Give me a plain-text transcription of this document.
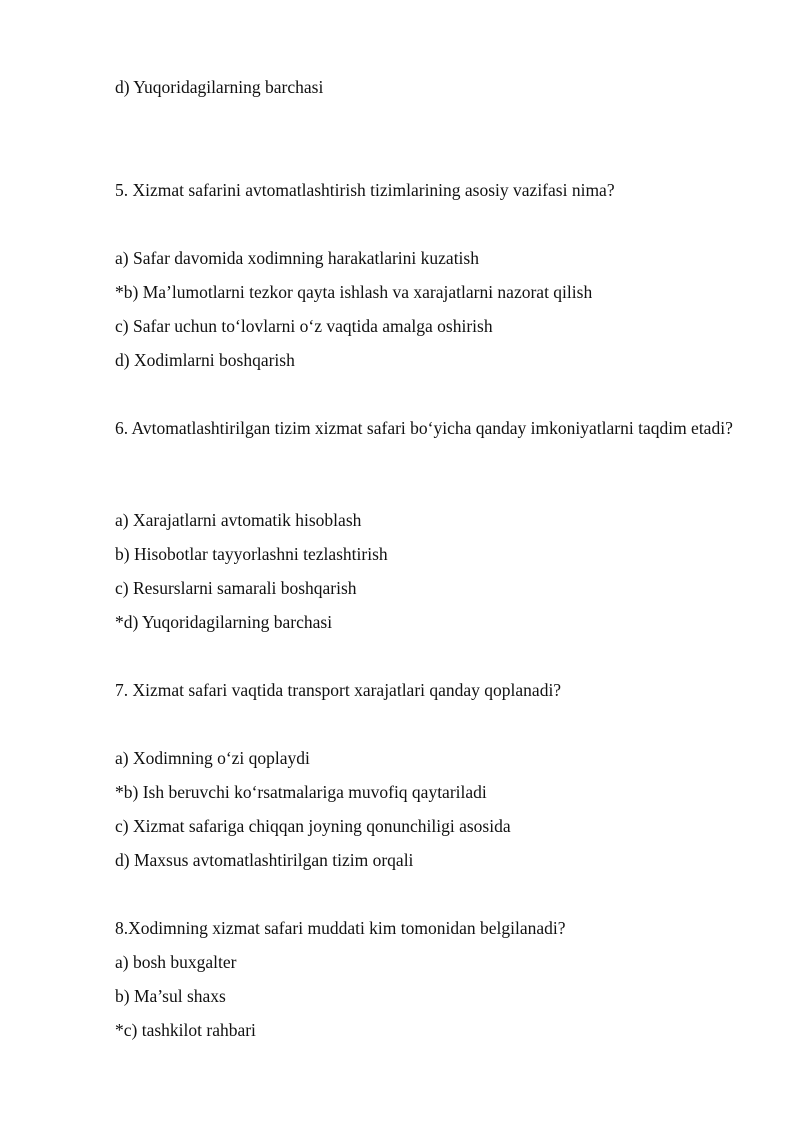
d) Yuqoridagilarning barchasi
5. Xizmat safarini avtomatlashtirish tizimlarining asosiy vazifasi nima?
a) Safar davomida xodimning harakatlarini kuzatish
*b) Ma’lumotlarni tezkor qayta ishlash va xarajatlarni nazorat qilish
c) Safar uchun to‘lovlarni o‘z vaqtida amalga oshirish
d) Xodimlarni boshqarish
6. Avtomatlashtirilgan tizim xizmat safari bo‘yicha qanday imkoniyatlarni taqdim etadi?
a) Xarajatlarni avtomatik hisoblash
b) Hisobotlar tayyorlashni tezlashtirish
c) Resurslarni samarali boshqarish
*d) Yuqoridagilarning barchasi
7. Xizmat safari vaqtida transport xarajatlari qanday qoplanadi?
a) Xodimning o‘zi qoplaydi
*b) Ish beruvchi ko‘rsatmalariga muvofiq qaytariladi
c) Xizmat safariga chiqqan joyning qonunchiligi asosida
d) Maxsus avtomatlashtirilgan tizim orqali
8.Xodimning xizmat safari muddati kim tomonidan belgilanadi?
a) bosh buxgalter
b) Ma’sul shaxs
*c) tashkilot rahbari
